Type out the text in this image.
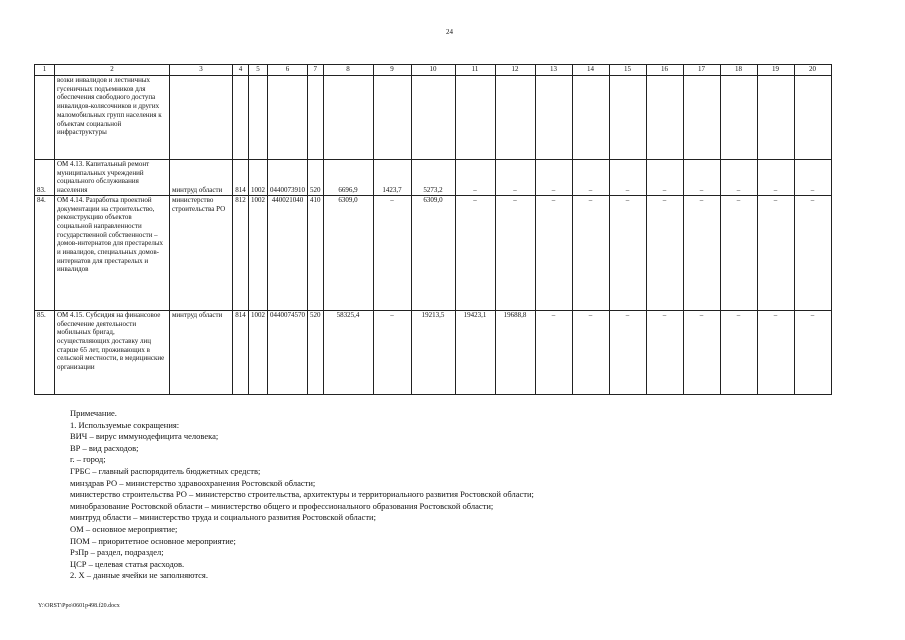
24
1	2	3	4	5	6	7	8	9	10	11	12	13	14	15	16	17	18	19	20
	возки инвалидов и лестничных гусеничных подъемников для обеспечения свободного доступа инвалидов-колясочников и других маломобильных групп населения к объектам социальной инфраструктуры																		
83.	ОМ 4.13. Капитальный ремонт муниципальных учреждений социального обслуживания населения	минтруд области	814	1002	0440073910	520	6696,9	1423,7	5273,2	–	–	–	–	–	–	–	–	–	–
84.	ОМ 4.14. Разработка проектной документации на строительство, реконструкцию объектов социальной направленности государственной собственности – домов-интернатов для престарелых и инвалидов, специальных домов-интернатов для престарелых и инвалидов	министерство строительства РО	812	1002	440021040	410	6309,0	–	6309,0	–	–	–	–	–	–	–	–	–	–
85.	ОМ 4.15. Субсидия на финансовое обеспечение деятельности мобильных бригад, осуществляющих доставку лиц старше 65 лет, проживающих в сельской местности, в медицинские организации	минтруд области	814	1002	0440074570	520	58325,4	–	19213,5	19423,1	19688,8	–	–	–	–	–	–	–	–
Примечание.
1. Используемые сокращения:
ВИЧ – вирус иммунодефицита человека;
ВР – вид расходов;
г. – город;
ГРБС – главный распорядитель бюджетных средств;
минздрав РО – министерство здравоохранения Ростовской области;
министерство строительства РО – министерство строительства, архитектуры и территориального развития Ростовской области;
минобразование Ростовской области – министерство общего и профессионального образования Ростовской области;
минтруд области – министерство труда и социального развития Ростовской области;
ОМ – основное мероприятие;
ПОМ – приоритетное основное мероприятие;
РзПр – раздел, подраздел;
ЦСР – целевая статья расходов.
2. Х – данные ячейки не заполняются.
Y:\ORST\Ppo\0601p498.f20.docx
